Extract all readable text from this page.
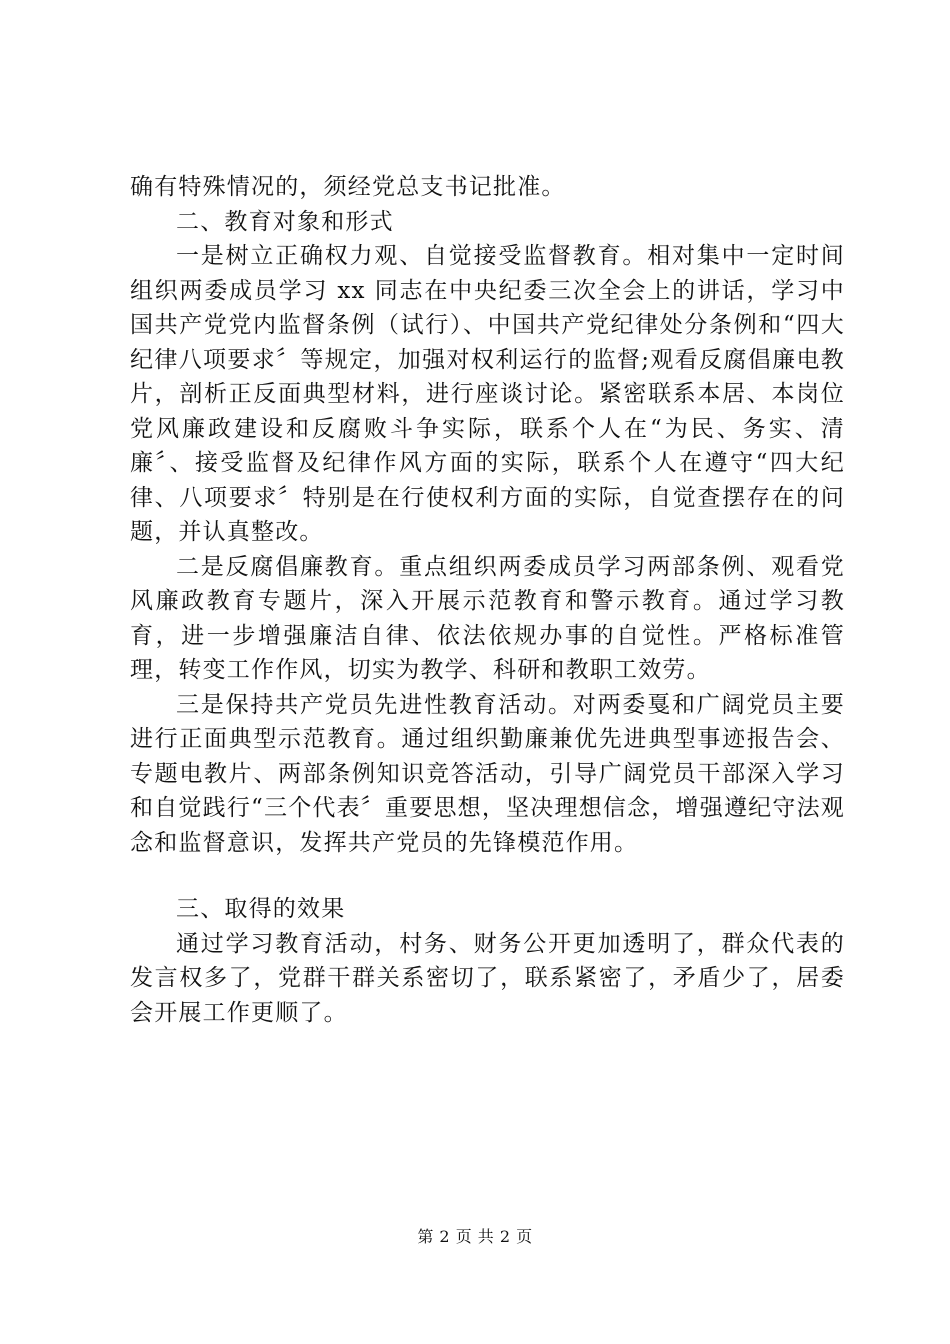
确有特殊情况的，须经党总支书记批准。

二、教育对象和形式

一是树立正确权力观、自觉接受监督教育。相对集中一定时间组织两委成员学习 xx 同志在中央纪委三次全会上的讲话，学习中国共产党党内监督条例（试行）、中国共产党纪律处分条例和“四大纪律八项要求〞等规定，加强对权利运行的监督;观看反腐倡廉电教片，剖析正反面典型材料，进行座谈讨论。紧密联系本居、本岗位党风廉政建设和反腐败斗争实际，联系个人在“为民、务实、清廉〞、接受监督及纪律作风方面的实际，联系个人在遵守“四大纪律、八项要求〞特别是在行使权利方面的实际，自觉查摆存在的问题，并认真整改。

二是反腐倡廉教育。重点组织两委成员学习两部条例、观看党风廉政教育专题片，深入开展示范教育和警示教育。通过学习教育，进一步增强廉洁自律、依法依规办事的自觉性。严格标准管理，转变工作作风，切实为教学、科研和教职工效劳。

三是保持共产党员先进性教育活动。对两委戛和广阔党员主要进行正面典型示范教育。通过组织勤廉兼优先进典型事迹报告会、专题电教片、两部条例知识竞答活动，引导广阔党员干部深入学习和自觉践行“三个代表〞重要思想，坚决理想信念，增强遵纪守法观念和监督意识，发挥共产党员的先锋模范作用。

三、取得的效果

通过学习教育活动，村务、财务公开更加透明了，群众代表的发言权多了，党群干群关系密切了，联系紧密了，矛盾少了，居委会开展工作更顺了。

第 2 页 共 2 页
